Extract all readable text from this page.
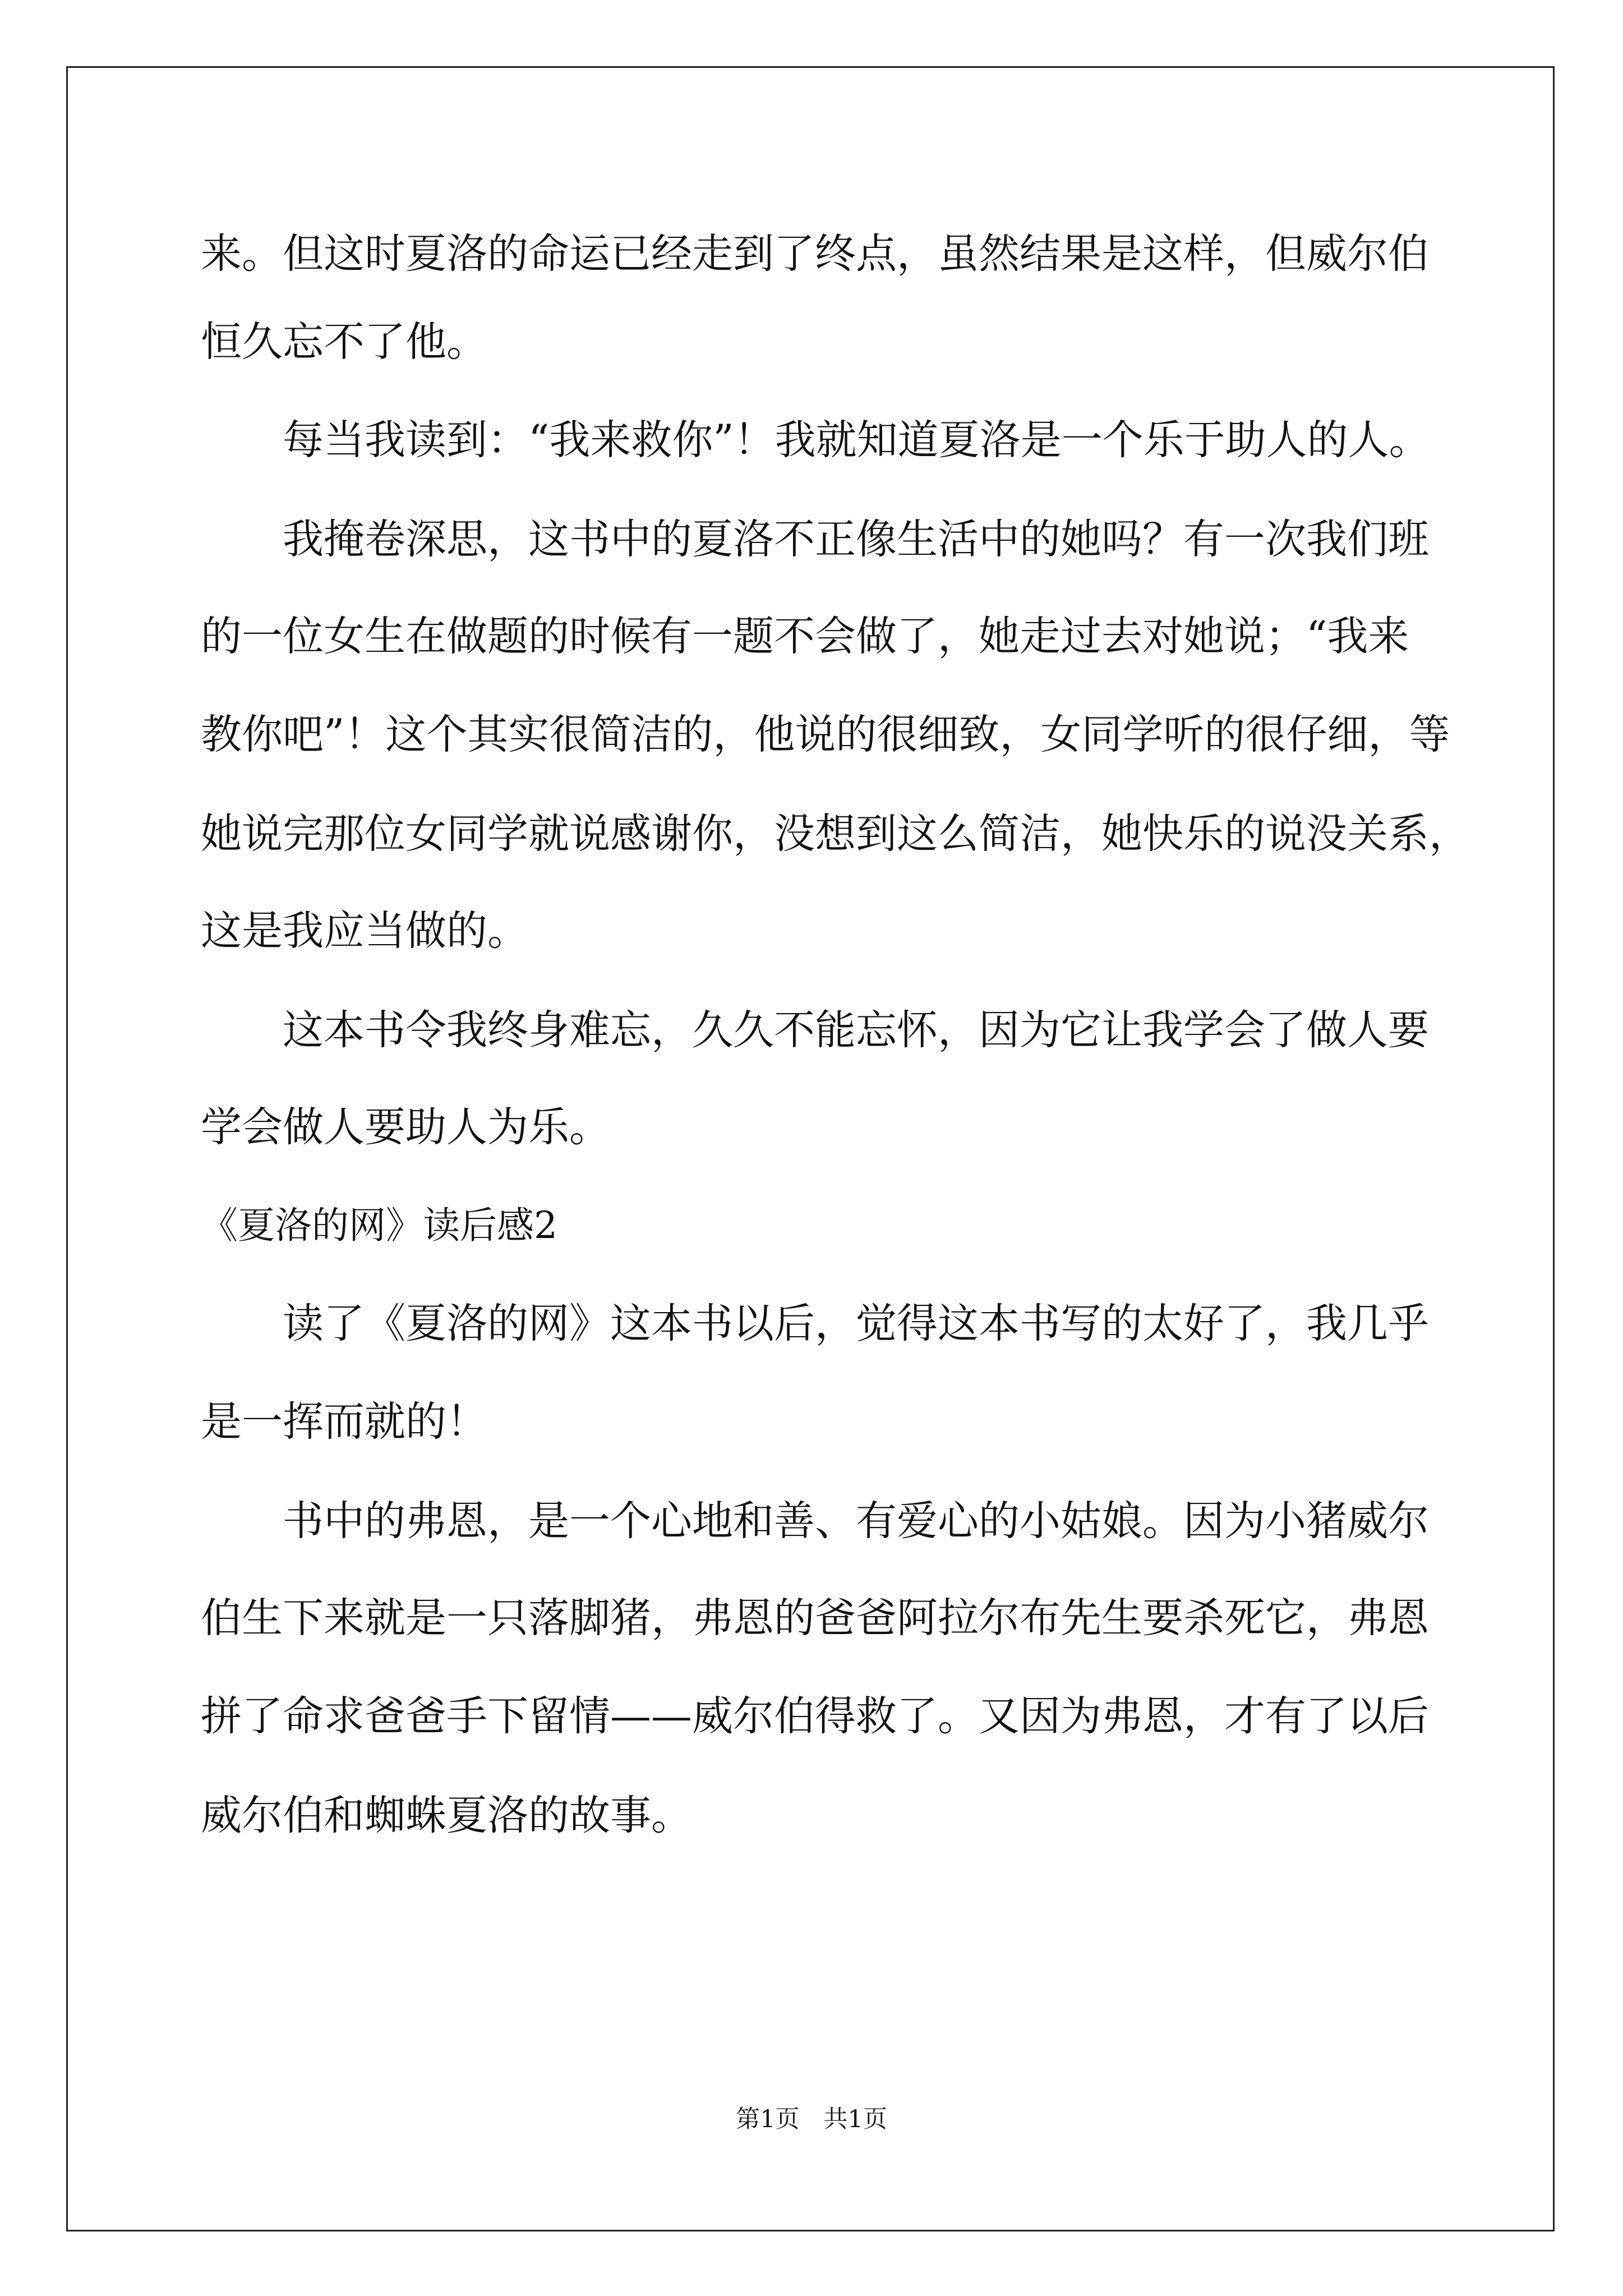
来。但这时夏洛的命运已经走到了终点，虽然结果是这样，但威尔伯
恒久忘不了他。
　　每当我读到：“我来救你”！我就知道夏洛是一个乐于助人的人。
　　我掩卷深思，这书中的夏洛不正像生活中的她吗？有一次我们班
的一位女生在做题的时候有一题不会做了，她走过去对她说；“我来
教你吧”！这个其实很简洁的，他说的很细致，女同学听的很仔细，等
她说完那位女同学就说感谢你，没想到这么简洁，她快乐的说没关系，
这是我应当做的。
　　这本书令我终身难忘，久久不能忘怀，因为它让我学会了做人要
学会做人要助人为乐。
《夏洛的网》读后感2
　　读了《夏洛的网》这本书以后，觉得这本书写的太好了，我几乎
是一挥而就的！
　　书中的弗恩，是一个心地和善、有爱心的小姑娘。因为小猪威尔
伯生下来就是一只落脚猪，弗恩的爸爸阿拉尔布先生要杀死它，弗恩
拼了命求爸爸手下留情——威尔伯得救了。又因为弗恩，才有了以后
威尔伯和蜘蛛夏洛的故事。
第1页　共1页
